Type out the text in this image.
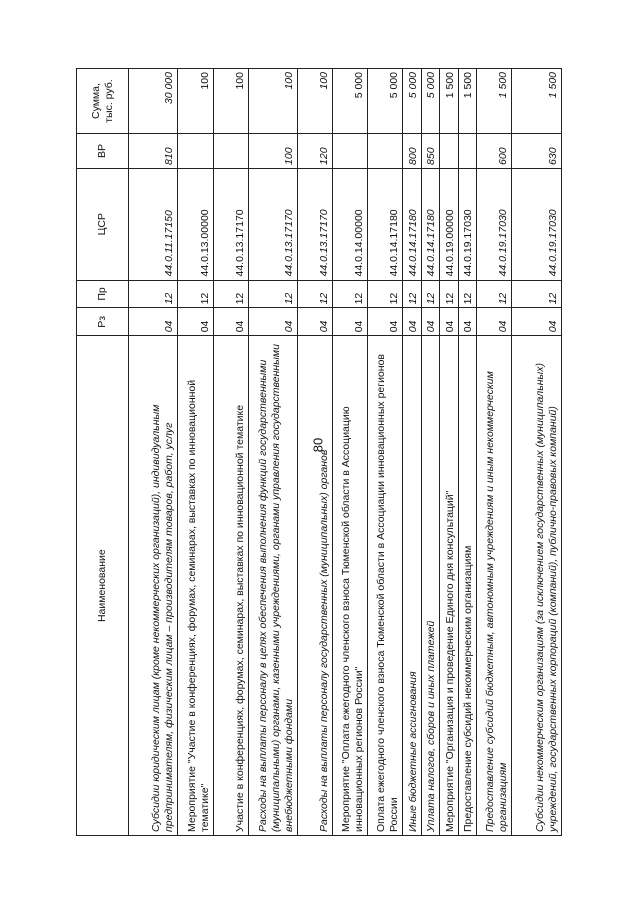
80
Наименование	Рз	Пр	ЦСР	ВР	Сумма, тыс. руб.
Субсидии юридическим лицам (кроме некоммерческих организаций), индивидуальным предпринимателям, физическим лицам – производителям товаров, работ, услуг	04	12	44.0.11.17150	810	30 000
Мероприятие "Участие в конференциях, форумах, семинарах, выставках по инновационной тематике"	04	12	44.0.13.00000		100
Участие в конференциях, форумах, семинарах, выставках по инновационной тематике	04	12	44.0.13.17170		100
Расходы на выплаты персоналу в целях обеспечения выполнения функций государственными (муниципальными) органами, казенными учреждениями, органами управления государственными внебюджетными фондами	04	12	44.0.13.17170	100	100
Расходы на выплаты персоналу государственных (муниципальных) органов	04	12	44.0.13.17170	120	100
Мероприятие "Оплата ежегодного членского взноса Тюменской области в Ассоциацию инновационных регионов России"	04	12	44.0.14.00000		5 000
Оплата ежегодного членского взноса Тюменской области в Ассоциации инновационных регионов России	04	12	44.0.14.17180		5 000
Иные бюджетные ассигнования	04	12	44.0.14.17180	800	5 000
Уплата налогов, сборов и иных платежей	04	12	44.0.14.17180	850	5 000
Мероприятие "Организация и проведение Единого дня консультаций"	04	12	44.0.19.00000		1 500
Предоставление субсидий некоммерческим организациям	04	12	44.0.19.17030		1 500
Предоставление субсидий бюджетным, автономным учреждениям и иным некоммерческим организациям	04	12	44.0.19.17030	600	1 500
Субсидии некоммерческим организациям (за исключением государственных (муниципальных) учреждений, государственных корпораций (компаний), публично-правовых компаний)	04	12	44.0.19.17030	630	1 500
